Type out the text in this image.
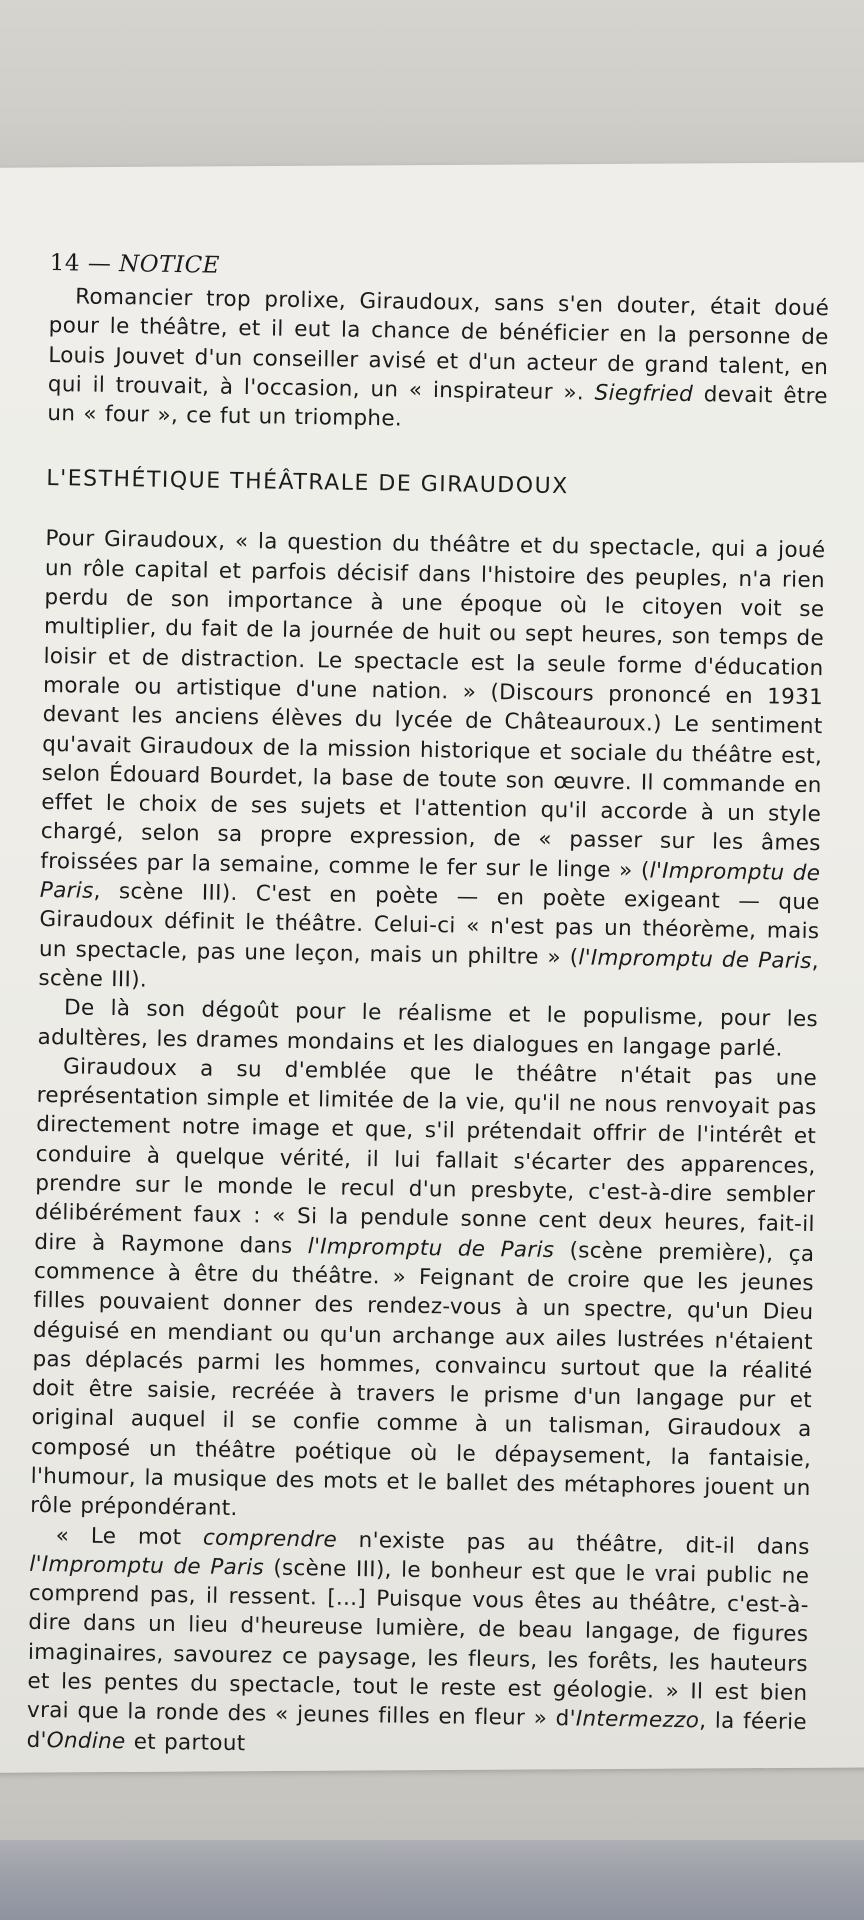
14 — NOTICE

Romancier trop prolixe, Giraudoux, sans s'en douter, était doué pour le théâtre, et il eut la chance de bénéficier en la personne de Louis Jouvet d'un conseiller avisé et d'un acteur de grand talent, en qui il trouvait, à l'occasion, un « inspirateur ». Siegfried devait être un « four », ce fut un triomphe.

L'ESTHÉTIQUE THÉÂTRALE DE GIRAUDOUX

Pour Giraudoux, « la question du théâtre et du spectacle, qui a joué un rôle capital et parfois décisif dans l'histoire des peuples, n'a rien perdu de son importance à une époque où le citoyen voit se multiplier, du fait de la journée de huit ou sept heures, son temps de loisir et de distraction. Le spectacle est la seule forme d'éducation morale ou artistique d'une nation. » (Discours prononcé en 1931 devant les anciens élèves du lycée de Châteauroux.) Le sentiment qu'avait Giraudoux de la mission historique et sociale du théâtre est, selon Édouard Bourdet, la base de toute son œuvre. Il commande en effet le choix de ses sujets et l'attention qu'il accorde à un style chargé, selon sa propre expression, de « passer sur les âmes froissées par la semaine, comme le fer sur le linge » (l'Impromptu de Paris, scène III). C'est en poète — en poète exigeant — que Giraudoux définit le théâtre. Celui-ci « n'est pas un théorème, mais un spectacle, pas une leçon, mais un philtre » (l'Impromptu de Paris, scène III).

De là son dégoût pour le réalisme et le populisme, pour les adultères, les drames mondains et les dialogues en langage parlé.

Giraudoux a su d'emblée que le théâtre n'était pas une représentation simple et limitée de la vie, qu'il ne nous renvoyait pas directement notre image et que, s'il prétendait offrir de l'intérêt et conduire à quelque vérité, il lui fallait s'écarter des apparences, prendre sur le monde le recul d'un presbyte, c'est-à-dire sembler délibérément faux : « Si la pendule sonne cent deux heures, fait-il dire à Raymone dans l'Impromptu de Paris (scène première), ça commence à être du théâtre. » Feignant de croire que les jeunes filles pouvaient donner des rendez-vous à un spectre, qu'un Dieu déguisé en mendiant ou qu'un archange aux ailes lustrées n'étaient pas déplacés parmi les hommes, convaincu surtout que la réalité doit être saisie, recréée à travers le prisme d'un langage pur et original auquel il se confie comme à un talisman, Giraudoux a composé un théâtre poétique où le dépaysement, la fantaisie, l'humour, la musique des mots et le ballet des métaphores jouent un rôle prépondérant.

« Le mot comprendre n'existe pas au théâtre, dit-il dans l'Impromptu de Paris (scène III), le bonheur est que le vrai public ne comprend pas, il ressent. [...] Puisque vous êtes au théâtre, c'est-à-dire dans un lieu d'heureuse lumière, de beau langage, de figures imaginaires, savourez ce paysage, les fleurs, les forêts, les hauteurs et les pentes du spectacle, tout le reste est géologie. » Il est bien vrai que la ronde des « jeunes filles en fleur » d'Intermezzo, la féerie d'Ondine et partout
